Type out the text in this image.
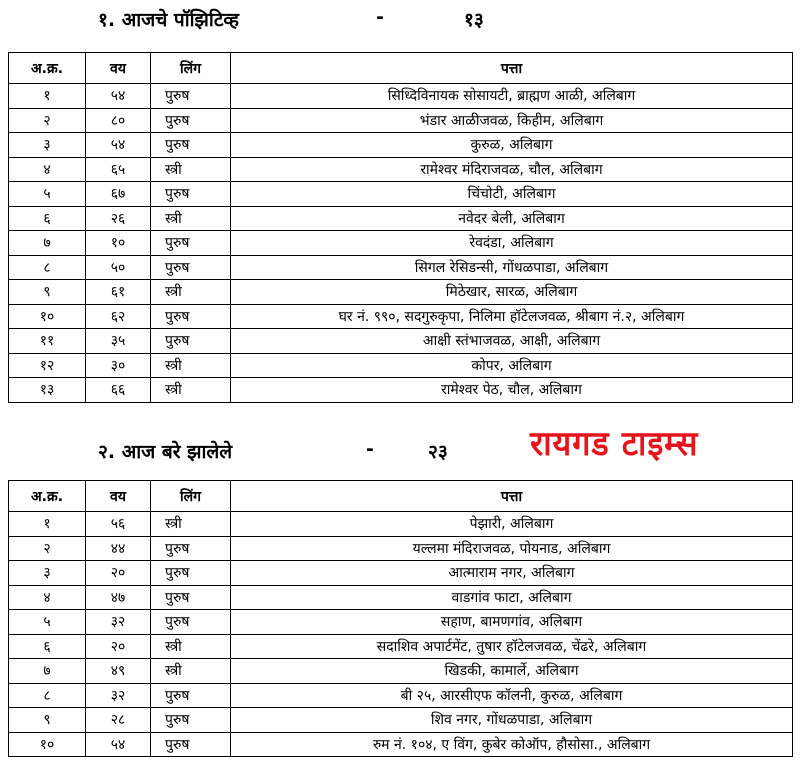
१. आजचे पॉझिटिव्ह	-	१३
अ.क्र.	वय	लिंग	पत्ता
१	५४	पुरुष	सिध्दिविनायक सोसायटी, ब्राह्मण आळी, अलिबाग
२	८०	पुरुष	भंडार आळीजवळ, किहीम, अलिबाग
३	५४	पुरुष	कुरुळ, अलिबाग
४	६५	स्त्री	रामेश्वर मंदिराजवळ, चौल, अलिबाग
५	६७	पुरुष	चिंचोटी, अलिबाग
६	२६	स्त्री	नवेदर बेली, अलिबाग
७	१०	पुरुष	रेवदंडा, अलिबाग
८	५०	पुरुष	सिगल रेसिडन्सी, गोंधळपाडा, अलिबाग
९	६१	स्त्री	मिठेखार, सारळ, अलिबाग
१०	६२	पुरुष	घर नं. ९९०, सदगुरुकृपा, निलिमा हॉटेलजवळ, श्रीबाग नं.२, अलिबाग
११	३५	पुरुष	आक्षी स्तंभाजवळ, आक्षी, अलिबाग
१२	३०	स्त्री	कोपर, अलिबाग
१३	६६	स्त्री	रामेश्वर पेठ, चौल, अलिबाग
२. आज बरे झालेले	-	२३ रायगड टाइम्स
अ.क्र.	वय	लिंग	पत्ता
१	५६	स्त्री	पेझारी, अलिबाग
२	४४	पुरुष	यल्लमा मंदिराजवळ, पोयनाड, अलिबाग
३	२०	पुरुष	आत्माराम नगर, अलिबाग
४	४७	पुरुष	वाडगांव फाटा, अलिबाग
५	३२	पुरुष	सहाण, बामणगांव, अलिबाग
६	२०	स्त्री	सदाशिव अपार्टमेंट, तुषार हॉटेलजवळ, चेंढरे, अलिबाग
७	४९	स्त्री	खिडकी, कामार्ले, अलिबाग
८	३२	पुरुष	बी २५, आरसीएफ कॉलनी, कुरुळ, अलिबाग
९	२८	पुरुष	शिव नगर, गोंधळपाडा, अलिबाग
१०	५४	पुरुष	रुम नं. १०४, ए विंग, कुबेर कोऑप, हौसोसा., अलिबाग
